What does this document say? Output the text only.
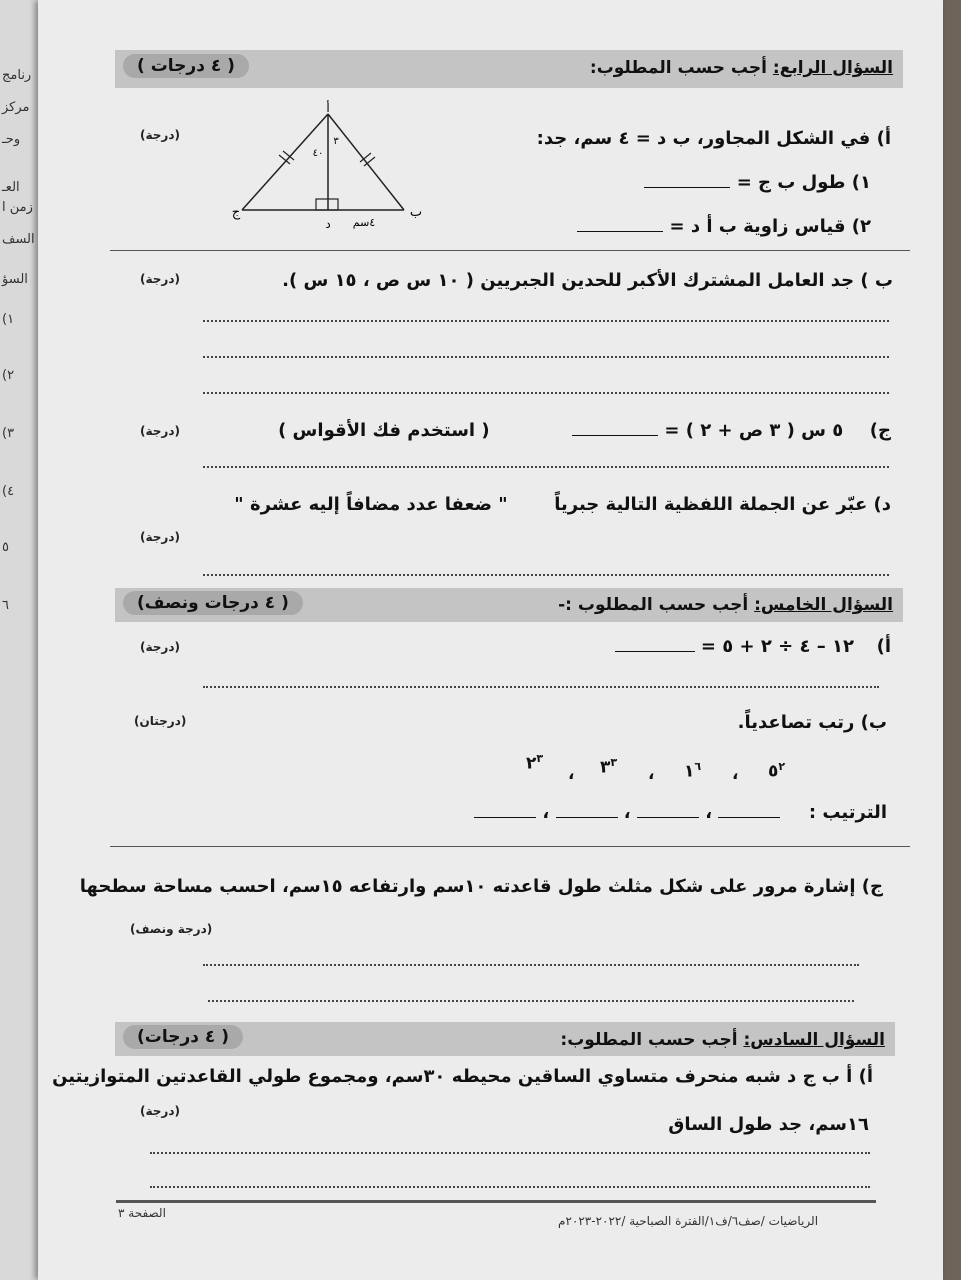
رنامج
مركز
وحـ
العـ
زمن ا
السف
السؤ
١)
٢)
٣)
٤)
٥
٦
السؤال الرابع: أجب حسب المطلوب:
( ٤ درجات )
أ) في الشكل المجاور، ب د = ٤ سم، جد:
(درجة)
١) طول ب ج =
٢) قياس زاوية ب أ د =
أ
ج	ب
د
٤٠
٣
٤سم
ب ) جد العامل المشترك الأكبر للحدين الجبريين ( ١٠ س ص ، ١٥ س ).
(درجة)
ج)  ٥ س ( ٣ ص + ٢ ) =   ( استخدم فك الأقواس )
(درجة)
د) عبّر عن الجملة اللفظية التالية جبرياً  " ضعفا عدد مضافاً إليه عشرة "
(درجة)
السؤال الخامس: أجب حسب المطلوب :-
( ٤ درجات ونصف)
أ)  ١٢ – ٤ ÷ ٢ + ٥ =
(درجة)
ب) رتب تصاعدياً.
(درجتان)
$٥^٢$
،
$١^٦$
،
$٣^٣$
،
$٢^٣$
الترتيب :   ،  ،  ،
ج) إشارة مرور على شكل مثلث طول قاعدته ١٠سم وارتفاعه ١٥سم، احسب مساحة سطحها
(درجة ونصف)
السؤال السادس: أجب حسب المطلوب:
( ٤ درجات)
أ) أ ب ج د شبه منحرف متساوي الساقين محيطه ٣٠سم، ومجموع طولي القاعدتين المتوازيتين
١٦سم، جد طول الساق
(درجة)
الرياضيات /صف٦/ف١/الفترة الصباحية /٢٠٢٢-٢٠٢٣م
الصفحة ٣
